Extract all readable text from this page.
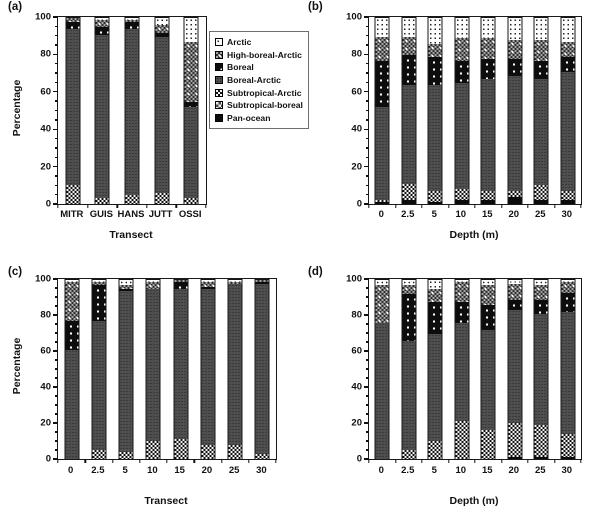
(a)
Percentage
0
20
40
60
80
100
MITR GUIS HANS JUTT OSSI
Transect
(b)
0
20
40
60
80
100
0	2.5	5	10	15	20	25	30
Depth (m)
(c)
Percentage
0
20
40
60
80
100
0	2.5	5	10	15	20	25	30
Transect
(d)
0
20
40
60
80
100
0	2.5	5	10	15	20	25	30
Depth (m)
Arctic
High-boreal-Arctic
Boreal
Boreal-Arctic
Subtropical-Arctic
Subtropical-boreal
Pan-ocean
